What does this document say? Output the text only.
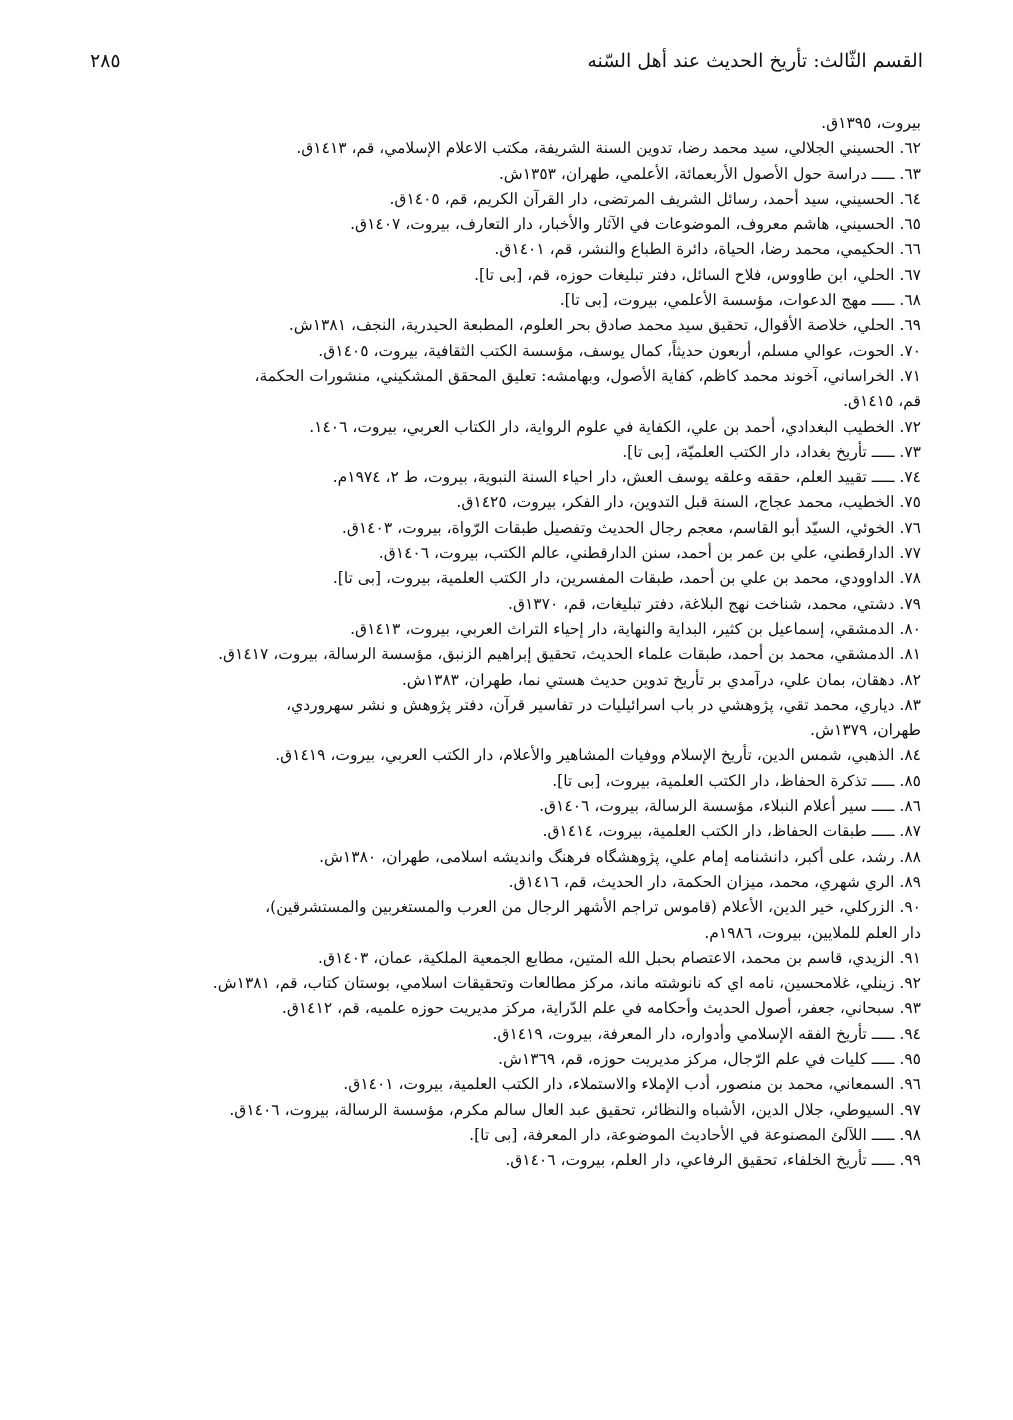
٢٨٥	القسم الثّالث: تأريخ الحديث عند أهل السّنه
بيروت، ١٣٩٥ق.
٦٢. الحسيني الجلالي، سيد محمد رضا، تدوين السنة الشريفة، مكتب الاعلام الإسلامي، قم، ١٤١٣ق.
٦٣. ـــــ دراسة حول الأصول الأربعمائة، الأعلمي، طهران، ١٣٥٣ش.
٦٤. الحسيني، سيد أحمد، رسائل الشريف المرتضى، دار القرآن الكريم، قم، ١٤٠٥ق.
٦٥. الحسيني، هاشم معروف، الموضوعات في الآثار والأخبار، دار التعارف، بيروت، ١٤٠٧ق.
٦٦. الحكيمي، محمد رضا، الحياة، دائرة الطباع والنشر، قم، ١٤٠١ق.
٦٧. الحلي، ابن طاووس، فلاح السائل، دفتر تبليغات حوزه، قم، [بى تا].
٦٨. ـــــ مهج الدعوات، مؤسسة الأعلمي، بيروت، [بى تا].
٦٩. الحلي، خلاصة الأقوال، تحقيق سيد محمد صادق بحر العلوم، المطبعة الحيدرية، النجف، ١٣٨١ش.
٧٠. الحوت، عوالي مسلم، أربعون حديثاً، كمال يوسف، مؤسسة الكتب الثقافية، بيروت، ١٤٠٥ق.
٧١. الخراساني، آخوند محمد كاظم، كفاية الأصول، وبهامشه: تعليق المحقق المشكيني، منشورات الحكمة،
قم، ١٤١٥ق.
٧٢. الخطيب البغدادي، أحمد بن علي، الكفاية في علوم الرواية، دار الكتاب العربي، بيروت، ١٤٠٦.
٧٣. ـــــ تأريخ بغداد، دار الكتب العلميّة، [بى تا].
٧٤. ـــــ تقييد العلم، حققه وعلقه يوسف العش، دار احياء السنة النبوية، بيروت، ط ٢، ١٩٧٤م.
٧٥. الخطيب، محمد عجاج، السنة قبل التدوين، دار الفكر، بيروت، ١٤٢٥ق.
٧٦. الخوئي، السيّد أبو القاسم، معجم رجال الحديث وتفصيل طبقات الرّواة، بيروت، ١٤٠٣ق.
٧٧. الدارقطني، علي بن عمر بن أحمد، سنن الدارقطني، عالم الكتب، بيروت، ١٤٠٦ق.
٧٨. الداوودي، محمد بن علي بن أحمد، طبقات المفسرين، دار الكتب العلمية، بيروت، [بى تا].
٧٩. دشتي، محمد، شناخت نهج البلاغة، دفتر تبليغات، قم، ١٣٧٠ق.
٨٠. الدمشقي، إسماعيل بن كثير، البداية والنهاية، دار إحياء التراث العربي، بيروت، ١٤١٣ق.
٨١. الدمشقي، محمد بن أحمد، طبقات علماء الحديث، تحقيق إبراهيم الزنبق، مؤسسة الرسالة، بيروت، ١٤١٧ق.
٨٢. دهقان، بمان علي، درآمدي بر تأريخ تدوين حديث هستي نما، طهران، ١٣٨٣ش.
٨٣. دياري، محمد تقي، پژوهشي در باب اسرائيليات در تفاسير قرآن، دفتر پژوهش و نشر سهروردي،
طهران، ١٣٧٩ش.
٨٤. الذهبي، شمس الدين، تأريخ الإسلام ووفيات المشاهير والأعلام، دار الكتب العربي، بيروت، ١٤١٩ق.
٨٥. ـــــ تذكرة الحفاظ، دار الكتب العلمية، بيروت، [بى تا].
٨٦. ـــــ سير أعلام النبلاء، مؤسسة الرسالة، بيروت، ١٤٠٦ق.
٨٧. ـــــ طبقات الحفاظ، دار الكتب العلمية، بيروت، ١٤١٤ق.
٨٨. رشد، على أكبر، دانشنامه إمام علي، پژوهشگاه فرهنگ واندیشه اسلامی، طهران، ١٣٨٠ش.
٨٩. الري شهري، محمد، ميزان الحكمة، دار الحديث، قم، ١٤١٦ق.
٩٠. الزركلي، خير الدين، الأعلام (قاموس تراجم الأشهر الرجال من العرب والمستغربين والمستشرقين)،
دار العلم للملايين، بيروت، ١٩٨٦م.
٩١. الزيدي، قاسم بن محمد، الاعتصام بحبل الله المتين، مطابع الجمعية الملكية، عمان، ١٤٠٣ق.
٩٢. زينلي، غلامحسين، نامه اي كه نانوشته ماند، مركز مطالعات وتحقيقات اسلامي، بوستان كتاب، قم، ١٣٨١ش.
٩٣. سبحاني، جعفر، أصول الحديث وأحكامه في علم الدّراية، مركز مديريت حوزه علميه، قم، ١٤١٢ق.
٩٤. ـــــ تأريخ الفقه الإسلامي وأدواره، دار المعرفة، بيروت، ١٤١٩ق.
٩٥. ـــــ كليات في علم الرّجال، مركز مديريت حوزه، قم، ١٣٦٩ش.
٩٦. السمعاني، محمد بن منصور، أدب الإملاء والاستملاء، دار الكتب العلمية، بيروت، ١٤٠١ق.
٩٧. السيوطي، جلال الدين، الأشباه والنظائر، تحقيق عبد العال سالم مكرم، مؤسسة الرسالة، بيروت، ١٤٠٦ق.
٩٨. ـــــ اللآلئ المصنوعة في الأحاديث الموضوعة، دار المعرفة، [بى تا].
٩٩. ـــــ تأريخ الخلفاء، تحقيق الرفاعي، دار العلم، بيروت، ١٤٠٦ق.
